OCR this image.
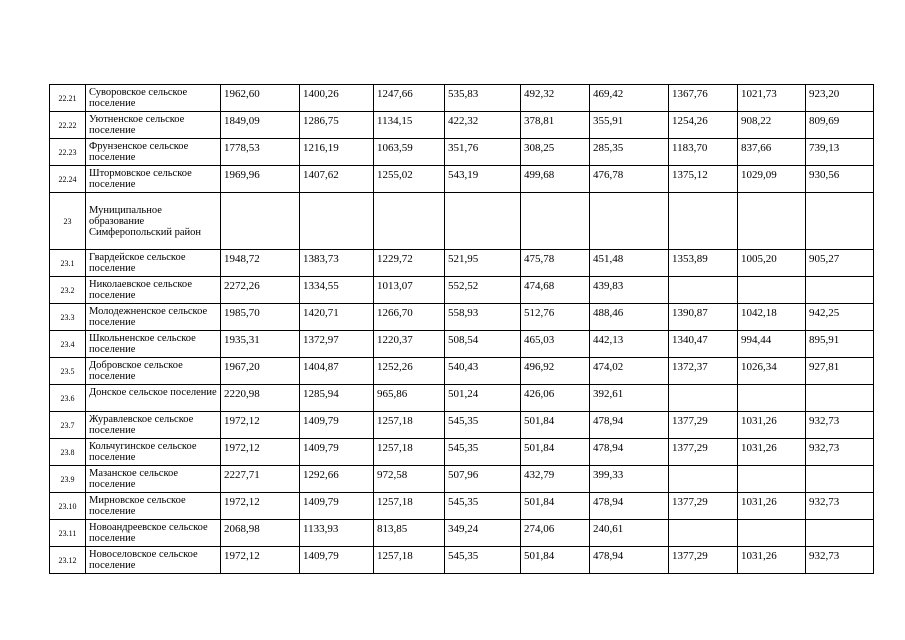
22.21	Суворовское сельское поселение	1962,60	1400,26	1247,66	535,83	492,32	469,42	1367,76	1021,73	923,20
22.22	Уютненское сельское поселение	1849,09	1286,75	1134,15	422,32	378,81	355,91	1254,26	908,22	809,69
22.23	Фрунзенское сельское поселение	1778,53	1216,19	1063,59	351,76	308,25	285,35	1183,70	837,66	739,13
22.24	Штормовское сельское поселение	1969,96	1407,62	1255,02	543,19	499,68	476,78	1375,12	1029,09	930,56
23	Муниципальное образование Симферопольский район									
23.1	Гвардейское сельское поселение	1948,72	1383,73	1229,72	521,95	475,78	451,48	1353,89	1005,20	905,27
23.2	Николаевское сельское поселение	2272,26	1334,55	1013,07	552,52	474,68	439,83			
23.3	Молодежненское сельское поселение	1985,70	1420,71	1266,70	558,93	512,76	488,46	1390,87	1042,18	942,25
23.4	Школьненское сельское поселение	1935,31	1372,97	1220,37	508,54	465,03	442,13	1340,47	994,44	895,91
23.5	Добровское сельское поселение	1967,20	1404,87	1252,26	540,43	496,92	474,02	1372,37	1026,34	927,81
23.6	Донское сельское поселение	2220,98	1285,94	965,86	501,24	426,06	392,61			
23.7	Журавлевское сельское поселение	1972,12	1409,79	1257,18	545,35	501,84	478,94	1377,29	1031,26	932,73
23.8	Кольчугинское сельское поселение	1972,12	1409,79	1257,18	545,35	501,84	478,94	1377,29	1031,26	932,73
23.9	Мазанское сельское поселение	2227,71	1292,66	972,58	507,96	432,79	399,33			
23.10	Мирновское сельское поселение	1972,12	1409,79	1257,18	545,35	501,84	478,94	1377,29	1031,26	932,73
23.11	Новоандреевское сельское поселение	2068,98	1133,93	813,85	349,24	274,06	240,61			
23.12	Новоселовское сельское поселение	1972,12	1409,79	1257,18	545,35	501,84	478,94	1377,29	1031,26	932,73
